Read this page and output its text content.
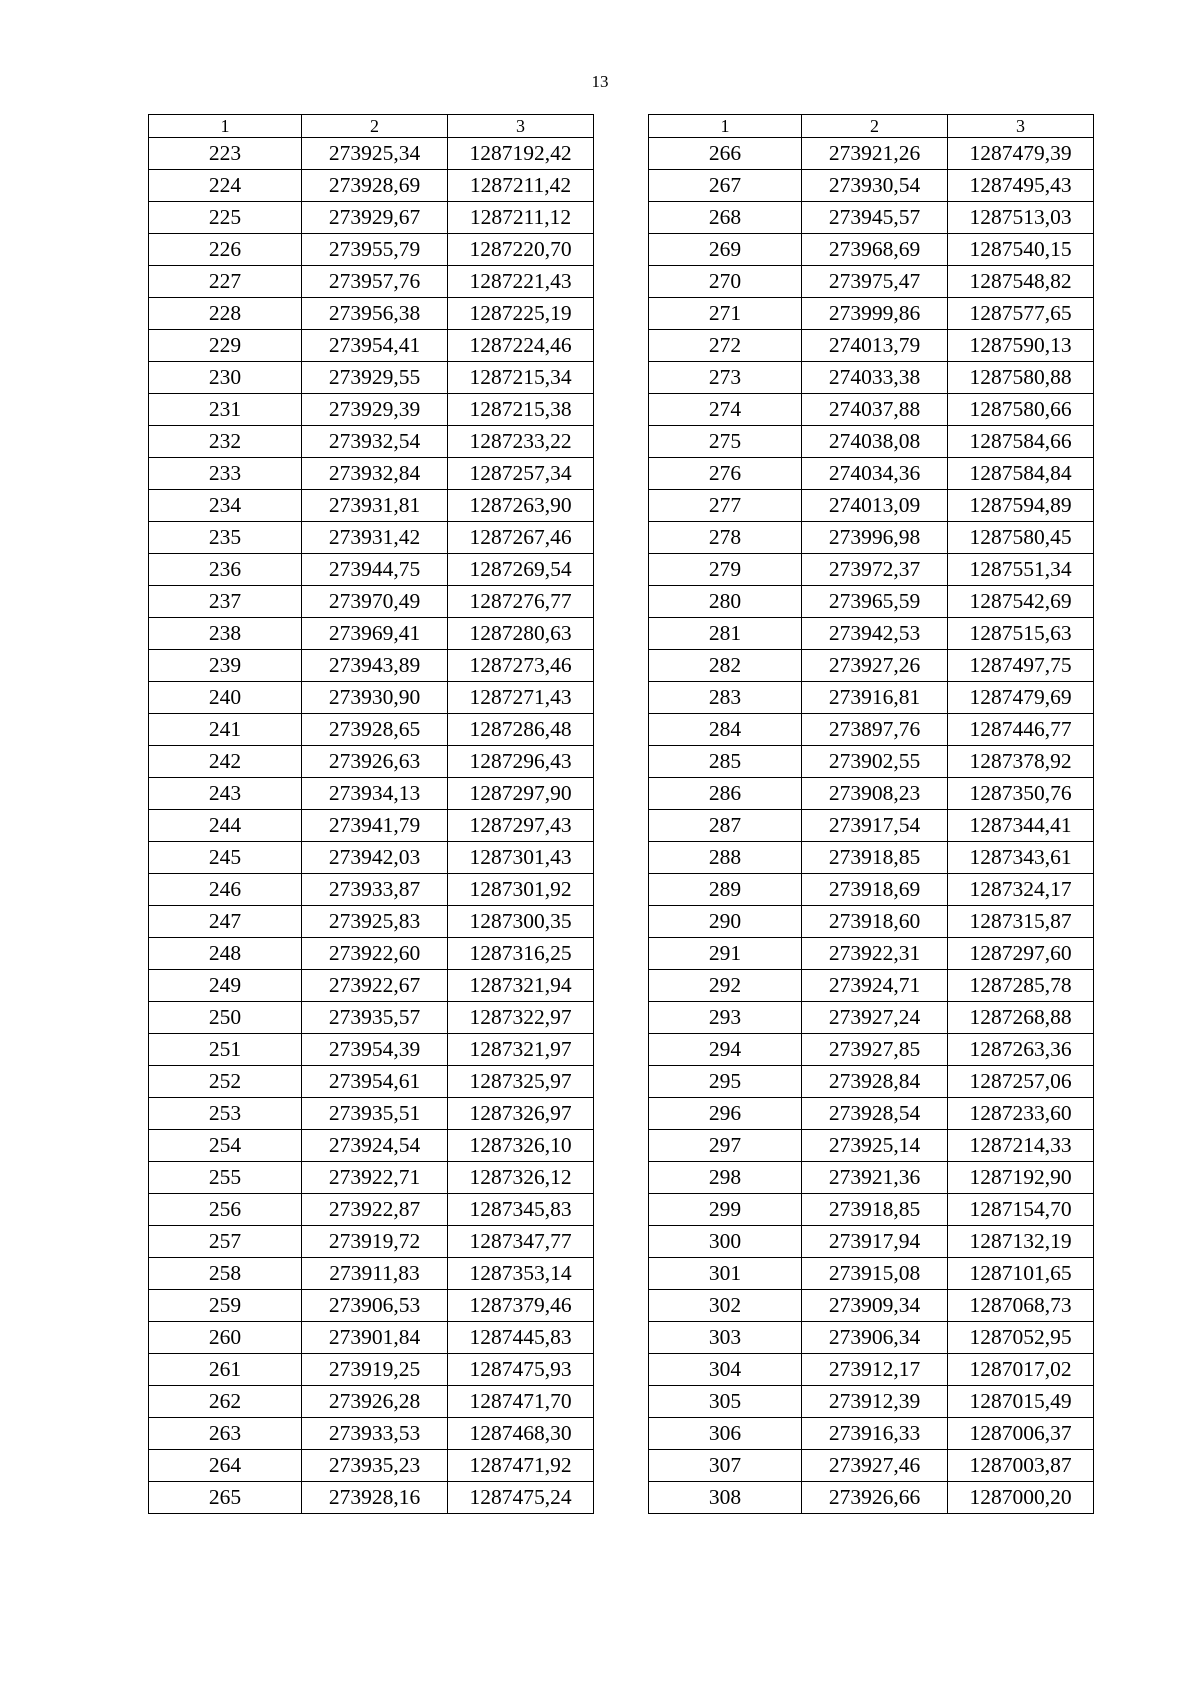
13
1	2	3
223	273925,34	1287192,42
224	273928,69	1287211,42
225	273929,67	1287211,12
226	273955,79	1287220,70
227	273957,76	1287221,43
228	273956,38	1287225,19
229	273954,41	1287224,46
230	273929,55	1287215,34
231	273929,39	1287215,38
232	273932,54	1287233,22
233	273932,84	1287257,34
234	273931,81	1287263,90
235	273931,42	1287267,46
236	273944,75	1287269,54
237	273970,49	1287276,77
238	273969,41	1287280,63
239	273943,89	1287273,46
240	273930,90	1287271,43
241	273928,65	1287286,48
242	273926,63	1287296,43
243	273934,13	1287297,90
244	273941,79	1287297,43
245	273942,03	1287301,43
246	273933,87	1287301,92
247	273925,83	1287300,35
248	273922,60	1287316,25
249	273922,67	1287321,94
250	273935,57	1287322,97
251	273954,39	1287321,97
252	273954,61	1287325,97
253	273935,51	1287326,97
254	273924,54	1287326,10
255	273922,71	1287326,12
256	273922,87	1287345,83
257	273919,72	1287347,77
258	273911,83	1287353,14
259	273906,53	1287379,46
260	273901,84	1287445,83
261	273919,25	1287475,93
262	273926,28	1287471,70
263	273933,53	1287468,30
264	273935,23	1287471,92
265	273928,16	1287475,24
1	2	3
266	273921,26	1287479,39
267	273930,54	1287495,43
268	273945,57	1287513,03
269	273968,69	1287540,15
270	273975,47	1287548,82
271	273999,86	1287577,65
272	274013,79	1287590,13
273	274033,38	1287580,88
274	274037,88	1287580,66
275	274038,08	1287584,66
276	274034,36	1287584,84
277	274013,09	1287594,89
278	273996,98	1287580,45
279	273972,37	1287551,34
280	273965,59	1287542,69
281	273942,53	1287515,63
282	273927,26	1287497,75
283	273916,81	1287479,69
284	273897,76	1287446,77
285	273902,55	1287378,92
286	273908,23	1287350,76
287	273917,54	1287344,41
288	273918,85	1287343,61
289	273918,69	1287324,17
290	273918,60	1287315,87
291	273922,31	1287297,60
292	273924,71	1287285,78
293	273927,24	1287268,88
294	273927,85	1287263,36
295	273928,84	1287257,06
296	273928,54	1287233,60
297	273925,14	1287214,33
298	273921,36	1287192,90
299	273918,85	1287154,70
300	273917,94	1287132,19
301	273915,08	1287101,65
302	273909,34	1287068,73
303	273906,34	1287052,95
304	273912,17	1287017,02
305	273912,39	1287015,49
306	273916,33	1287006,37
307	273927,46	1287003,87
308	273926,66	1287000,20
